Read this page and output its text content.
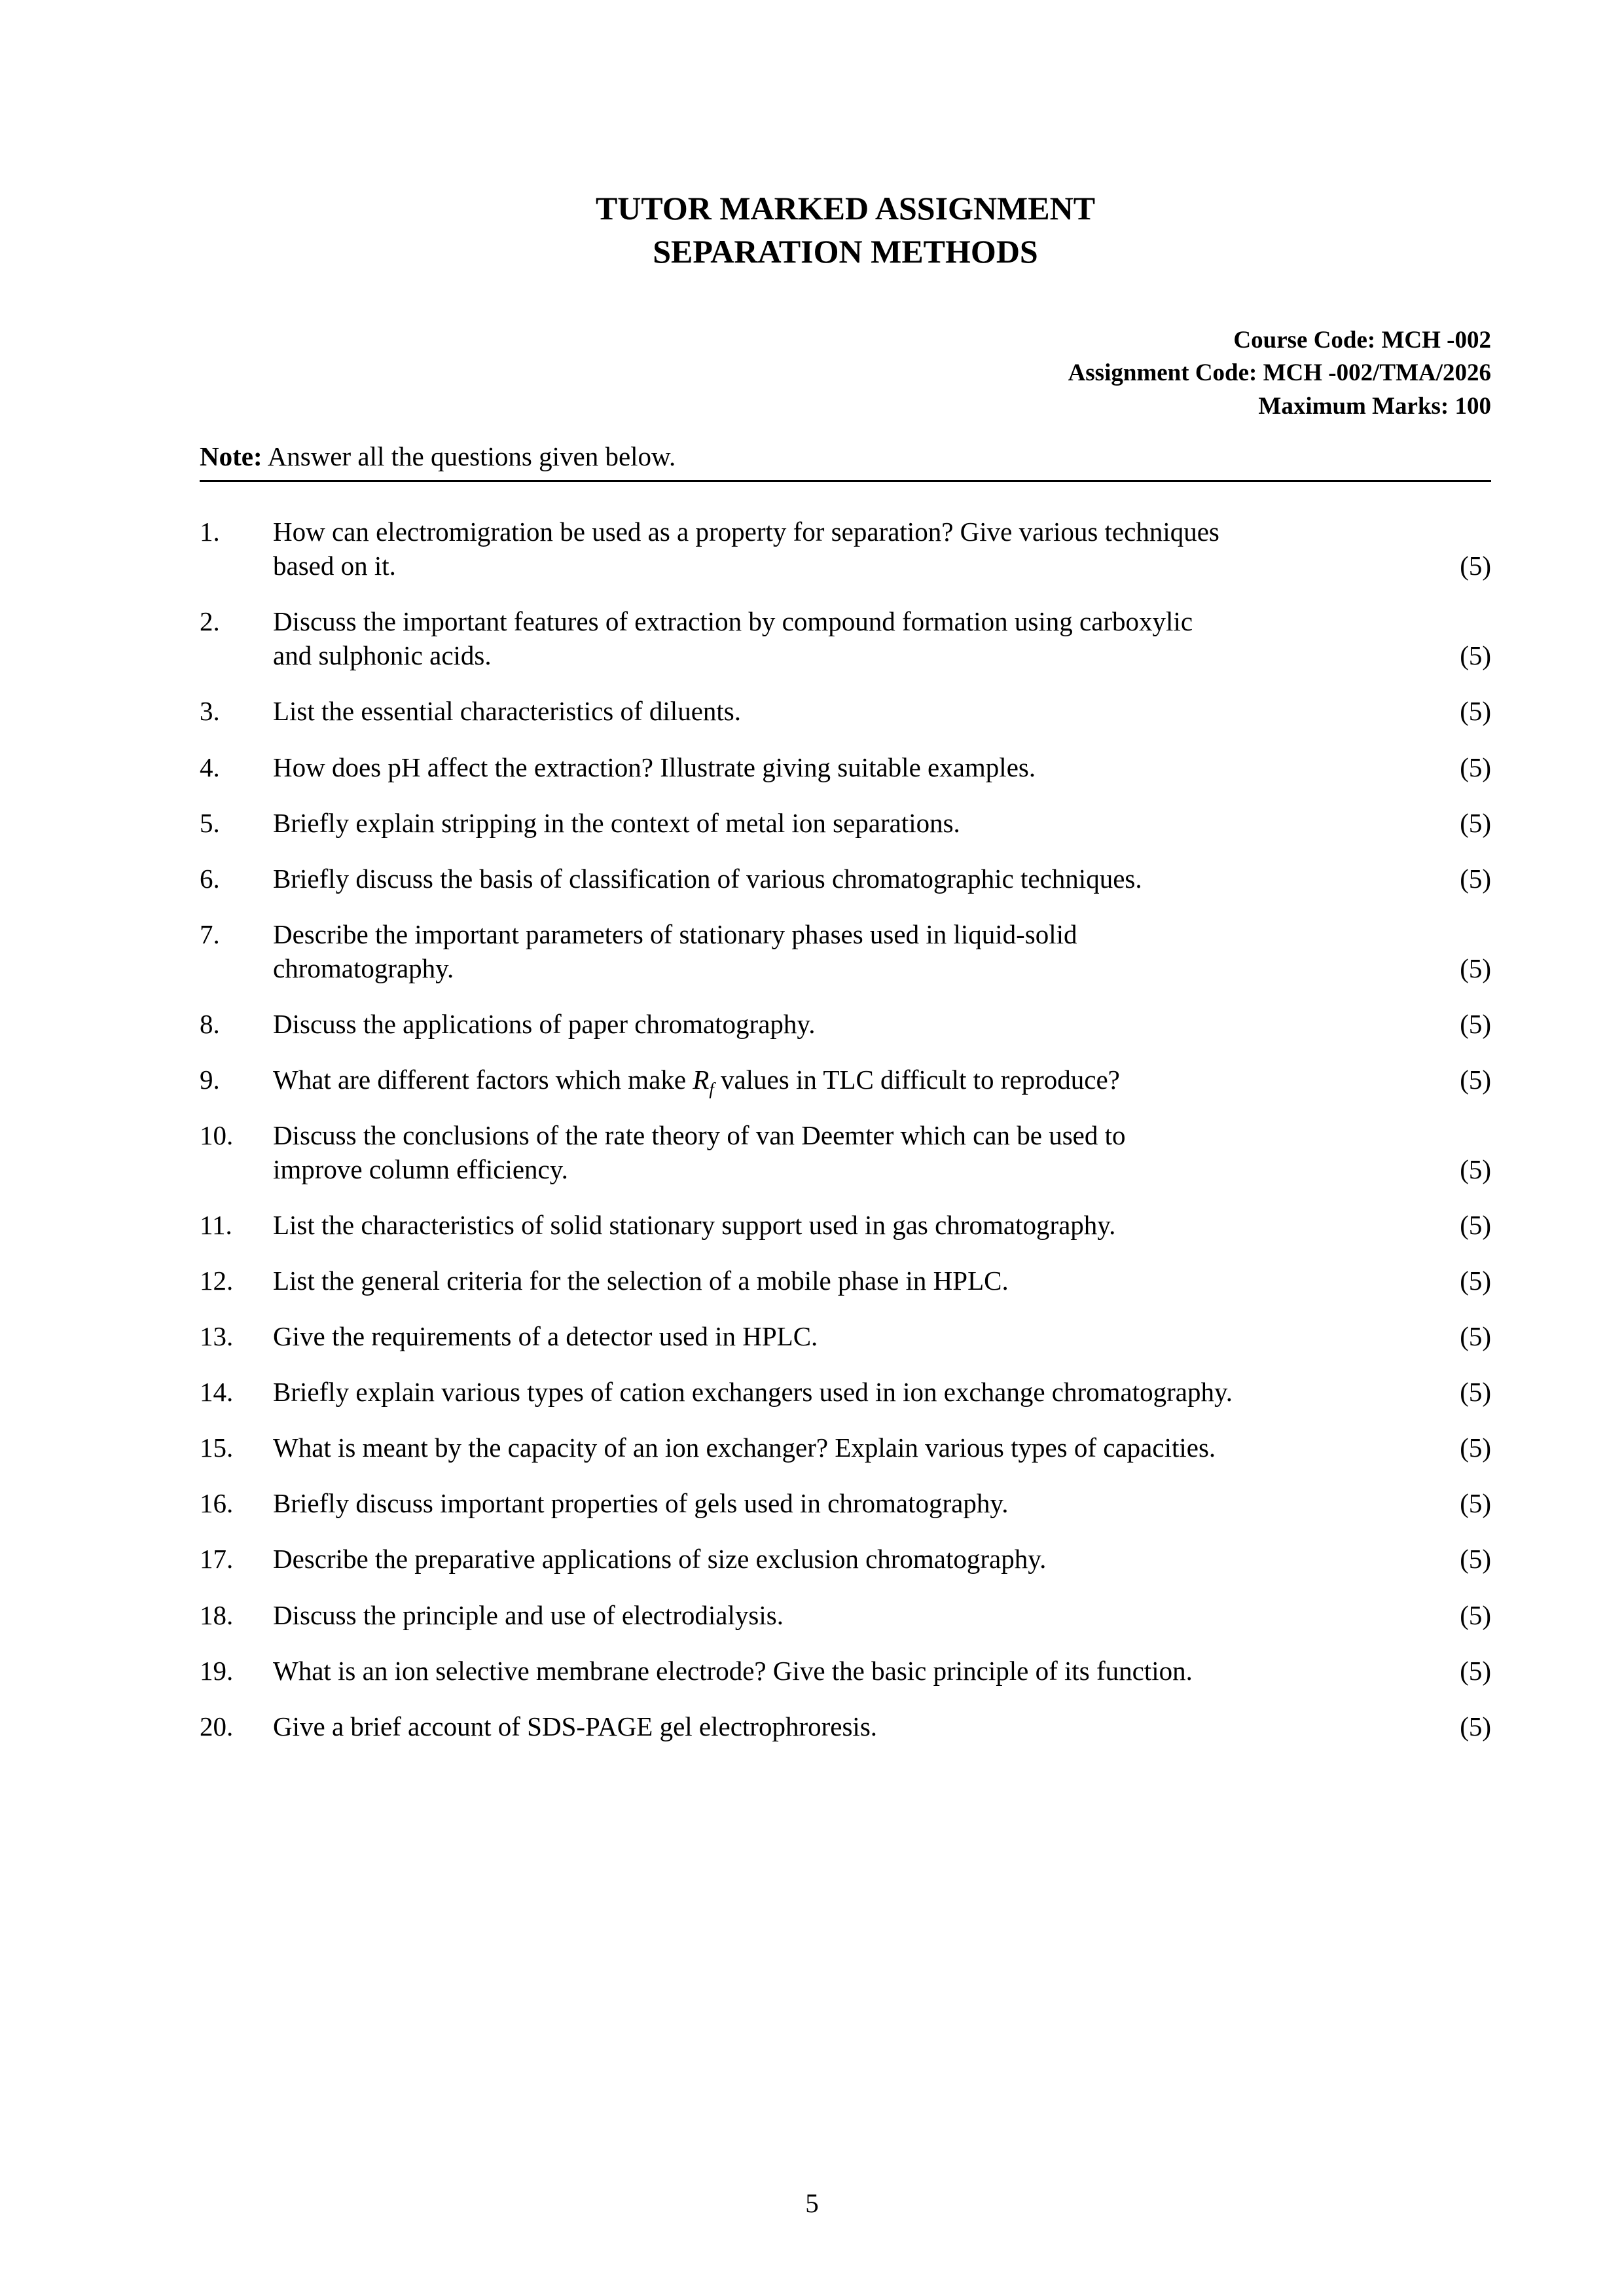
TUTOR MARKED ASSIGNMENT
SEPARATION METHODS
Course Code: MCH -002
Assignment Code: MCH -002/TMA/2026
Maximum Marks: 100
Note: Answer all the questions given below.
1.	How can electromigration be used as a property for separation? Give various techniques
based on it.	(5)
2.	Discuss the important features of extraction by compound formation using carboxylic
and sulphonic acids.	(5)
3.	List the essential characteristics of diluents.	(5)
4.	How does pH affect the extraction? Illustrate giving suitable examples.	(5)
5.	Briefly explain stripping in the context of metal ion separations.	(5)
6.	Briefly discuss the basis of classification of various chromatographic techniques.	(5)
7.	Describe the important parameters of stationary phases used in liquid-solid
chromatography.	(5)
8.	Discuss the applications of paper chromatography.	(5)
9.	What are different factors which make $R_f$ values in TLC difficult to reproduce?	(5)
10.	Discuss the conclusions of the rate theory of van Deemter which can be used to
improve column efficiency.	(5)
11.	List the characteristics of solid stationary support used in gas chromatography.	(5)
12.	List the general criteria for the selection of a mobile phase in HPLC.	(5)
13.	Give the requirements of a detector used in HPLC.	(5)
14.	Briefly explain various types of cation exchangers used in ion exchange chromatography.	(5)
15.	What is meant by the capacity of an ion exchanger? Explain various types of capacities.	(5)
16.	Briefly discuss important properties of gels used in chromatography.	(5)
17.	Describe the preparative applications of size exclusion chromatography.	(5)
18.	Discuss the principle and use of electrodialysis.	(5)
19.	What is an ion selective membrane electrode? Give the basic principle of its function.	(5)
20.	Give a brief account of SDS-PAGE gel electrophroresis.	(5)
5
